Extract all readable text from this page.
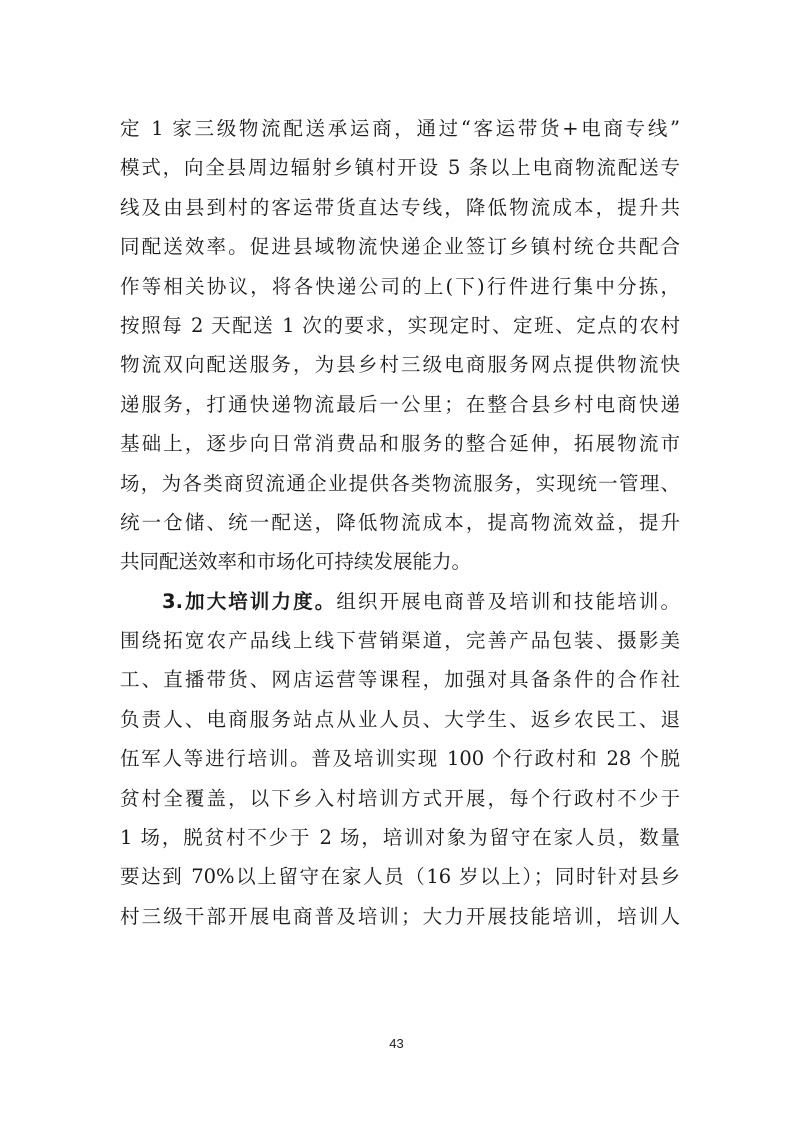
定 1 家三级物流配送承运商，通过“客运带货+电商专线”
模式，向全县周边辐射乡镇村开设 5 条以上电商物流配送专
线及由县到村的客运带货直达专线，降低物流成本，提升共
同配送效率。促进县域物流快递企业签订乡镇村统仓共配合
作等相关协议，将各快递公司的上(下)行件进行集中分拣，
按照每 2 天配送 1 次的要求，实现定时、定班、定点的农村
物流双向配送服务，为县乡村三级电商服务网点提供物流快
递服务，打通快递物流最后一公里；在整合县乡村电商快递
基础上，逐步向日常消费品和服务的整合延伸，拓展物流市
场，为各类商贸流通企业提供各类物流服务，实现统一管理、
统一仓储、统一配送，降低物流成本，提高物流效益，提升
共同配送效率和市场化可持续发展能力。
3.加大培训力度。组织开展电商普及培训和技能培训。
围绕拓宽农产品线上线下营销渠道，完善产品包装、摄影美
工、直播带货、网店运营等课程，加强对具备条件的合作社
负责人、电商服务站点从业人员、大学生、返乡农民工、退
伍军人等进行培训。普及培训实现 100 个行政村和 28 个脱
贫村全覆盖，以下乡入村培训方式开展，每个行政村不少于
1 场，脱贫村不少于 2 场，培训对象为留守在家人员，数量
要达到 70%以上留守在家人员（16 岁以上）；同时针对县乡
村三级干部开展电商普及培训；大力开展技能培训，培训人
43
